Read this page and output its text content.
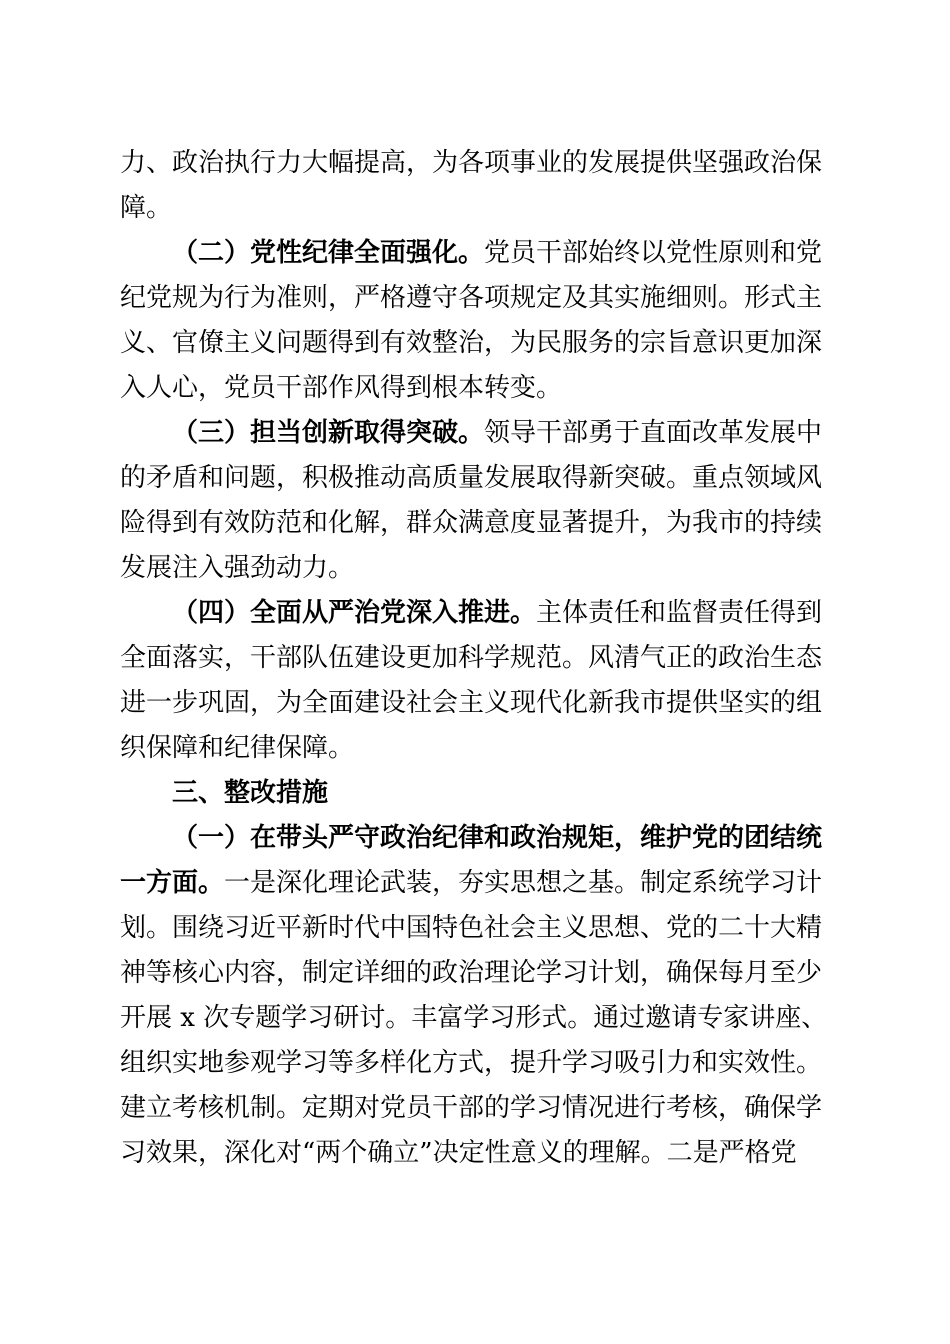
力、政治执行力大幅提高，为各项事业的发展提供坚强政治保
障。
（二）党性纪律全面强化。党员干部始终以党性原则和党
纪党规为行为准则，严格遵守各项规定及其实施细则。形式主
义、官僚主义问题得到有效整治，为民服务的宗旨意识更加深
入人心，党员干部作风得到根本转变。
（三）担当创新取得突破。领导干部勇于直面改革发展中
的矛盾和问题，积极推动高质量发展取得新突破。重点领域风
险得到有效防范和化解，群众满意度显著提升，为我市的持续
发展注入强劲动力。
（四）全面从严治党深入推进。主体责任和监督责任得到
全面落实，干部队伍建设更加科学规范。风清气正的政治生态
进一步巩固，为全面建设社会主义现代化新我市提供坚实的组
织保障和纪律保障。
三、整改措施
（一）在带头严守政治纪律和政治规矩，维护党的团结统
一方面。一是深化理论武装，夯实思想之基。制定系统学习计
划。围绕习近平新时代中国特色社会主义思想、党的二十大精
神等核心内容，制定详细的政治理论学习计划，确保每月至少
开展 x 次专题学习研讨。丰富学习形式。通过邀请专家讲座、
组织实地参观学习等多样化方式，提升学习吸引力和实效性。
建立考核机制。定期对党员干部的学习情况进行考核，确保学
习效果，深化对“两个确立”决定性意义的理解。二是严格党
